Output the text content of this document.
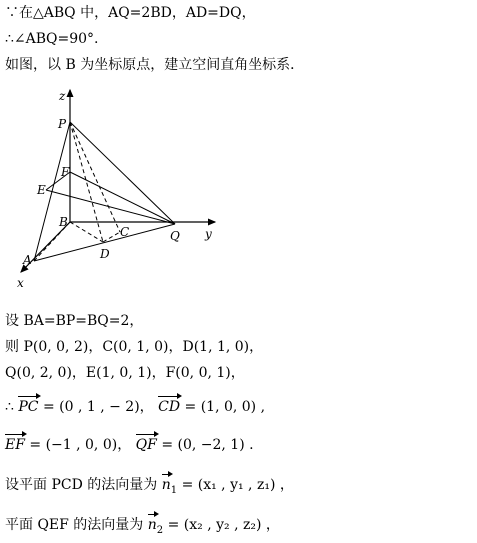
∵在△ABQ 中，AQ=2BD，AD=DQ，
∴∠ABQ=90°.
如图，以 B 为坐标原点，建立空间直角坐标系．
z
P
F
E
B
C	Q y
A	D
x
设 BA=BP=BQ=2，
则 P(0, 0, 2)，C(0, 1, 0)，D(1, 1, 0)，
Q(0, 2, 0)，E(1, 0, 1)，F(0, 0, 1)，
∴ PC = (0 , 1 , − 2)， CD = (1, 0, 0) ,
EF = (−1 , 0, 0)， QF = (0, −2, 1) .
设平面 PCD 的法向量为 $n_1 = (x_1$ , y₁ , z₁) ，
平面 QEF 的法向量为 $n_2 = (x_2$ , y₂ , z₂) ，
